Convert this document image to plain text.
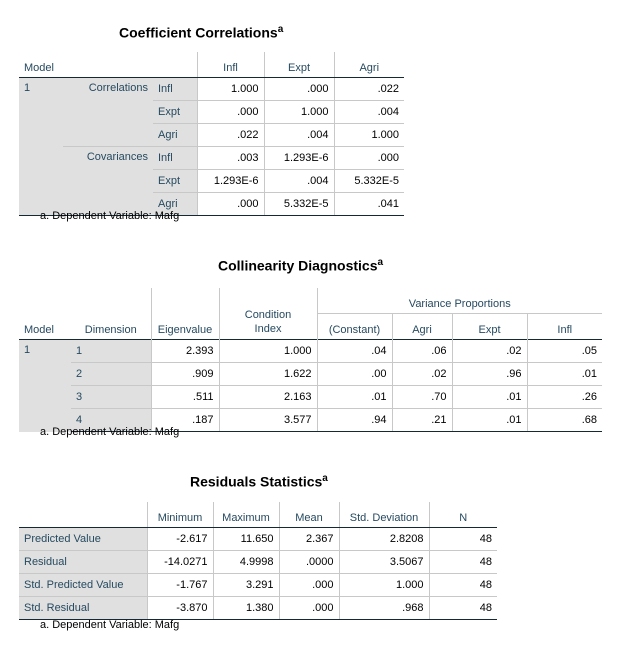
Coefficient Correlations$^a$
Model			Infl	Expt	Agri
1	Correlations	Infl	1.000	.000	.022
		Expt	.000	1.000	.004
		Agri	.022	.004	1.000
	Covariances	Infl	.003	1.293E-6	.000
		Expt	1.293E-6	.004	5.332E-5
		Agri	.000	5.332E-5	.041
a. Dependent Variable: Mafg
Collinearity Diagnostics$^a$
Model	Dimension	Eigenvalue	Condition Index	Variance Proportions			
				(Constant)	Agri	Expt	Infl
1	1	2.393	1.000	.04	.06	.02	.05
	2	.909	1.622	.00	.02	.96	.01
	3	.511	2.163	.01	.70	.01	.26
	4	.187	3.577	.94	.21	.01	.68
a. Dependent Variable: Mafg
Residuals Statistics$^a$
	Minimum	Maximum	Mean	Std. Deviation	N
Predicted Value	-2.617	11.650	2.367	2.8208	48
Residual	-14.0271	4.9998	.0000	3.5067	48
Std. Predicted Value	-1.767	3.291	.000	1.000	48
Std. Residual	-3.870	1.380	.000	.968	48
a. Dependent Variable: Mafg
